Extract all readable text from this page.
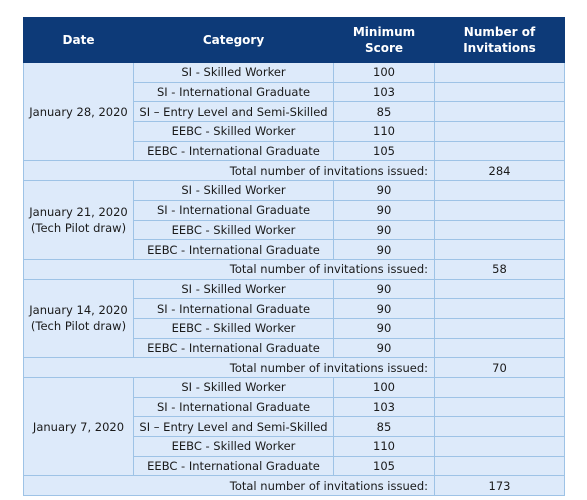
Date	Category	Minimum Score	Number of Invitations

January 28, 2020	SI - Skilled Worker	100	
	SI - International Graduate	103	
	SI – Entry Level and Semi-Skilled	85	
	EEBC - Skilled Worker	110	
	EEBC - International Graduate	105	
Total number of invitations issued:			284

January 21, 2020
(Tech Pilot draw)	SI - Skilled Worker	90	
	SI - International Graduate	90	
	EEBC - Skilled Worker	90	
	EEBC - International Graduate	90	
Total number of invitations issued:			58

January 14, 2020
(Tech Pilot draw)	SI - Skilled Worker	90	
	SI - International Graduate	90	
	EEBC - Skilled Worker	90	
	EEBC - International Graduate	90	
Total number of invitations issued:			70

January 7, 2020	SI - Skilled Worker	100	
	SI - International Graduate	103	
	SI – Entry Level and Semi-Skilled	85	
	EEBC - Skilled Worker	110	
	EEBC - International Graduate	105	
Total number of invitations issued:			173
